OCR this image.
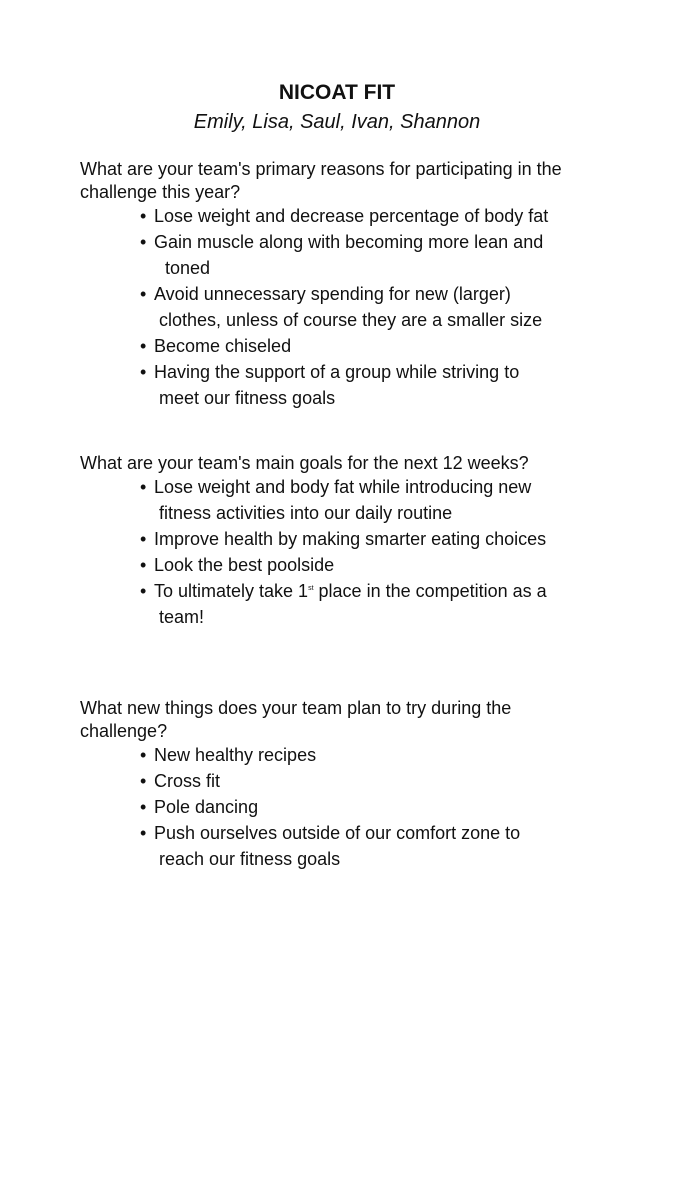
NICOAT FIT
Emily, Lisa, Saul, Ivan, Shannon
What are your team's primary reasons for participating in the challenge this year?
• Lose weight and decrease percentage of body fat
• Gain muscle along with becoming more lean and
toned
• Avoid unnecessary spending for new (larger)
clothes, unless of course they are a smaller size
• Become chiseled
• Having the support of a group while striving to
meet our fitness goals
What are your team's main goals for the next 12 weeks?
• Lose weight and body fat while introducing new
fitness activities into our daily routine
• Improve health by making smarter eating choices
• Look the best poolside
• To ultimately take 1st place in the competition as a
team!
What new things does your team plan to try during the challenge?
• New healthy recipes
• Cross fit
• Pole dancing
• Push ourselves outside of our comfort zone to
reach our fitness goals
